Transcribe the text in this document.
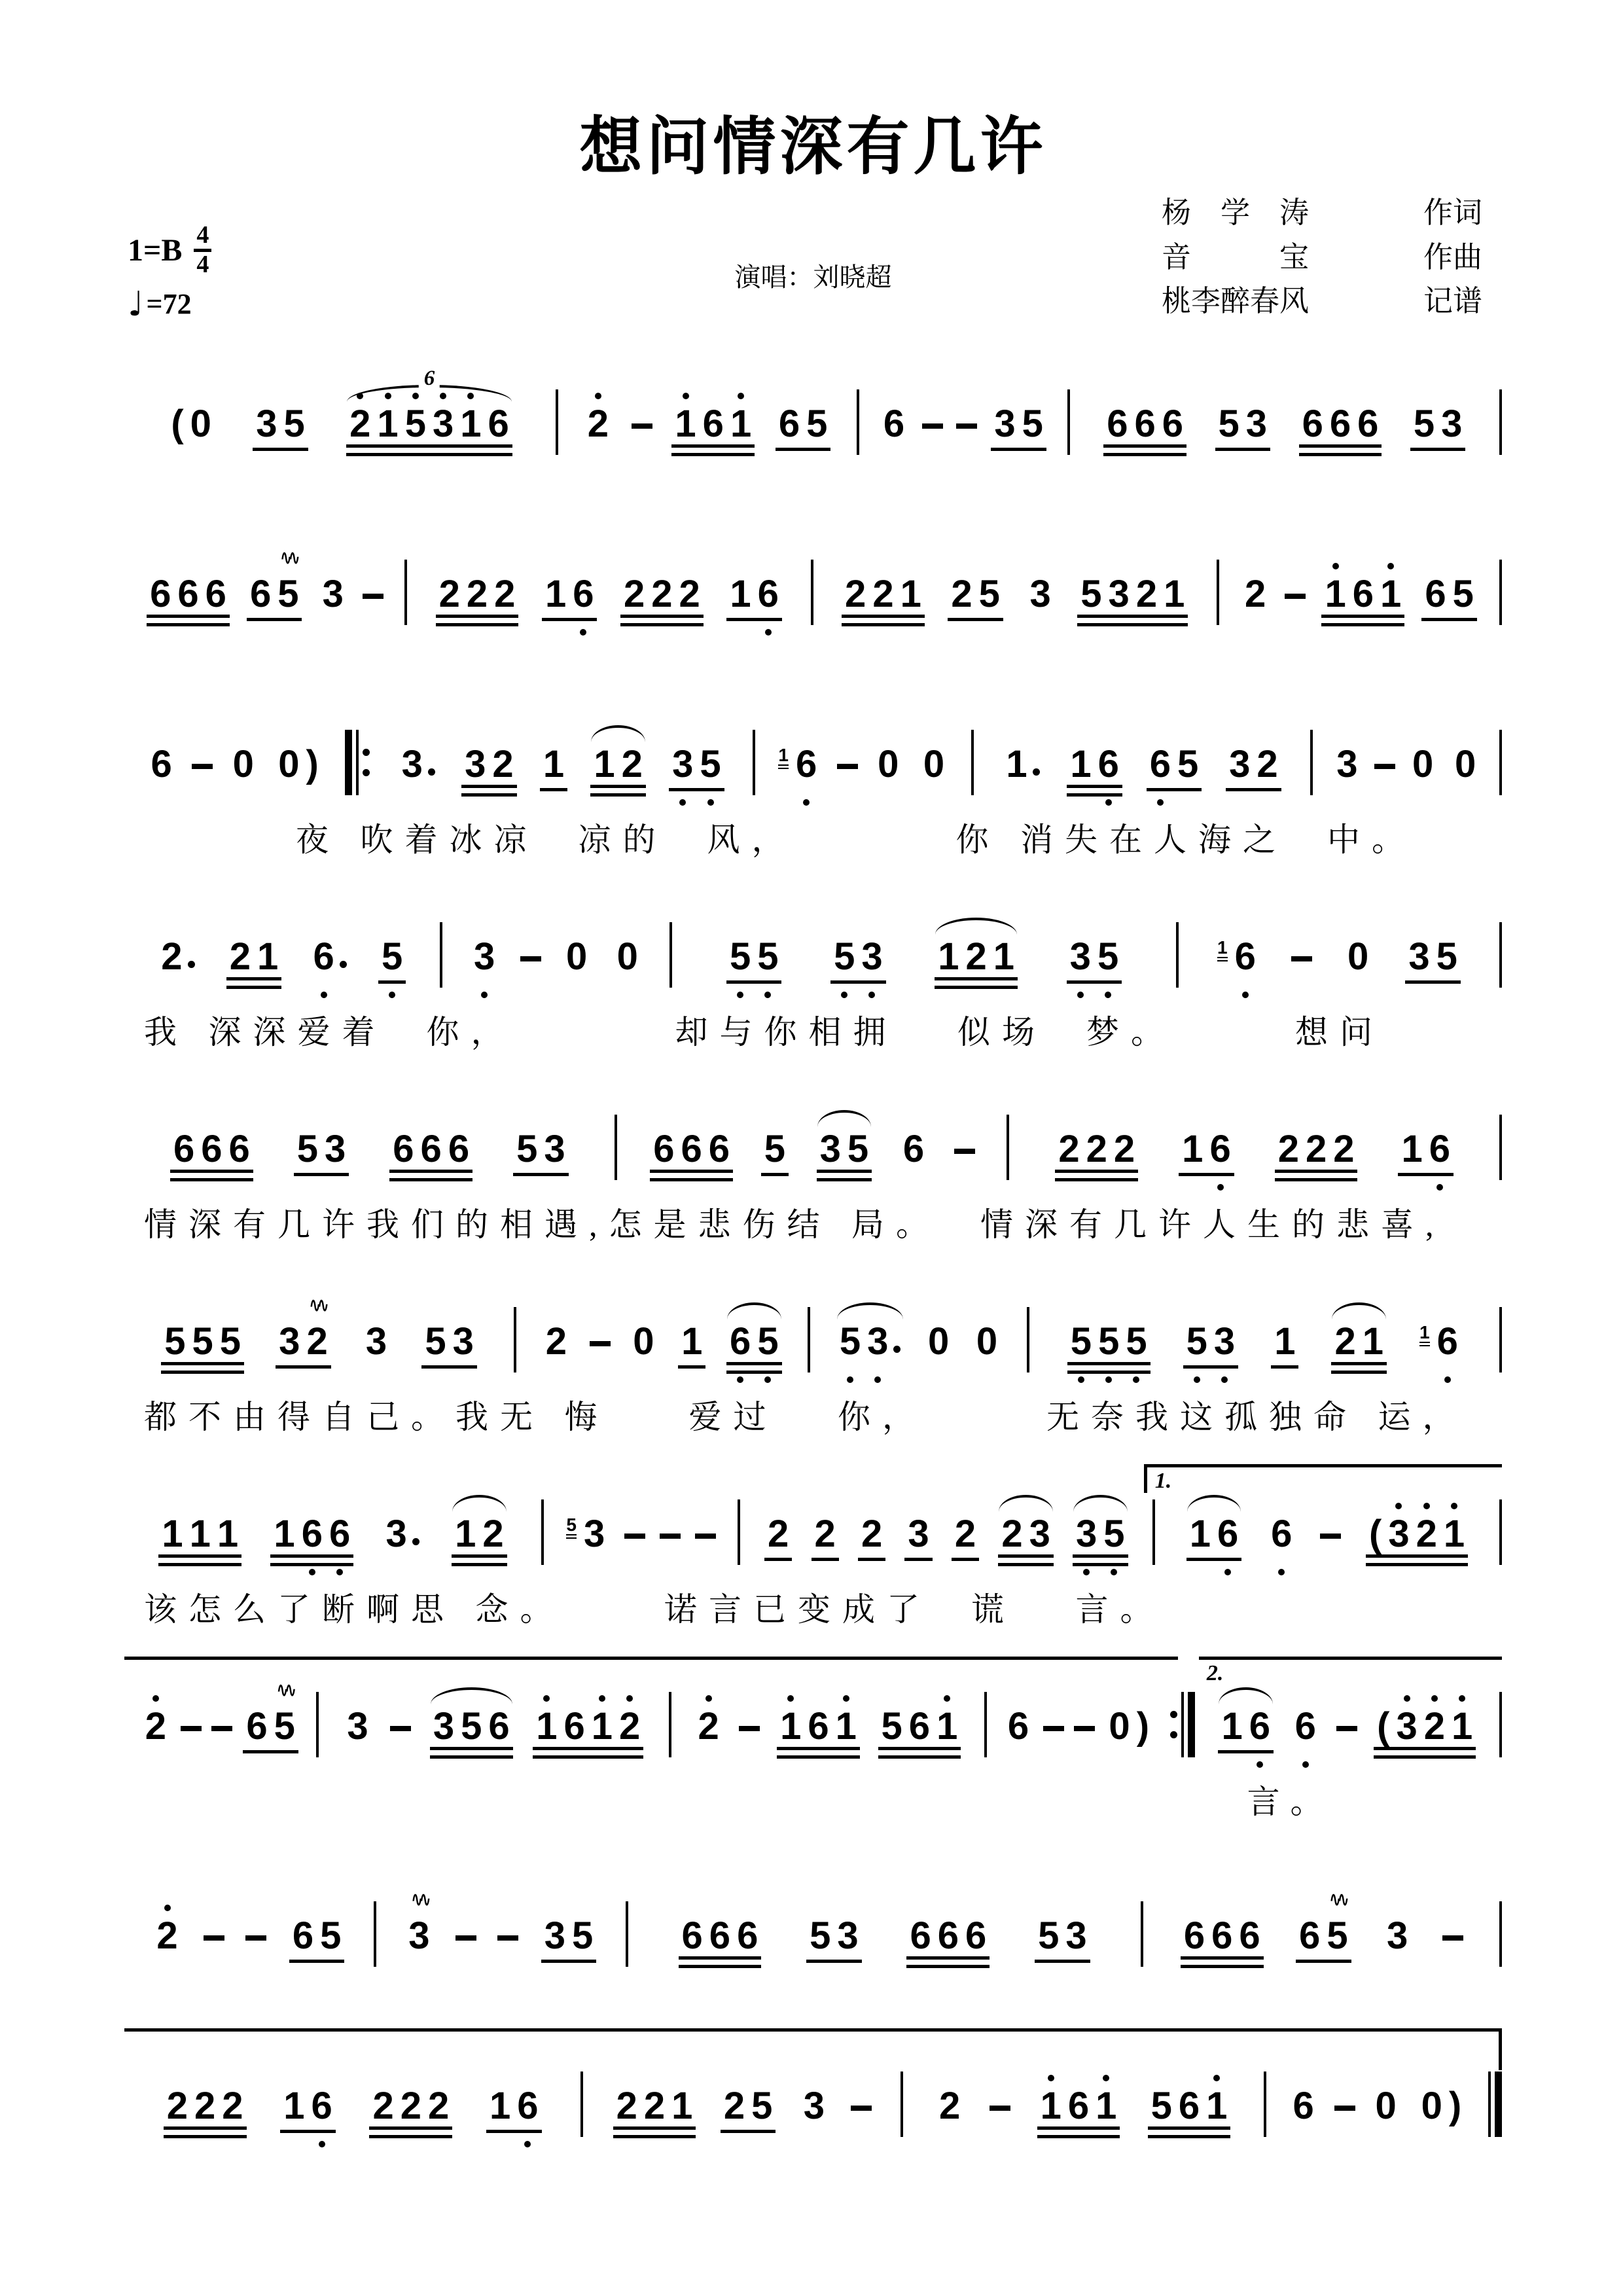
想问情深有几许
演唱：刘晓超
杨　学　涛	作词
音　　　宝	作曲
桃李醉春风	记谱
$1=B \frac{4}{4}$
♩ =72
( 0 3 5
6
2 1 5 3 1 6 2 1 6 1 6 5 6 3 5 6 6 6 5 3 6 6 6 5 3
6 6 6 6 5
∿∿
3	2 2 2 1 6 2 2 2 1 6 2 2 1 2 5 3 5 3 2 1 2 1 6 1 6 5
6 0 0 ) 3 3 2 1 1 2 3 5	1 6 0 0 1 1 6 6 5 3 2 3 0 0
夜 吹着冰凉  凉的  风，        你 消失在人海之  中。
2 2 1 6 5 3 0 0 5 5 5 3 1 2 1 3 5	1 6 0 3 5
我 深深爱着  你，        却与你相拥   似场  梦。      想问
6 6 6 5 3 6 6 6 5 3 6 6 6 5 3 5 6	2 2 2 1 6 2 2 2 1 6
情深有几许我们的相遇,怎是悲伤结 局。  情深有几许人生的悲喜,
5 5 5 3 2
∿∿
3 5 3 2 0 1 6 5 5 3 0 0 5 5 5 5 3 1 2 1 1 6
都不由得自己。我无 悔    爱过   你，      无奈我这孤独命 运，
1.
1 1 1 1 6 6 3 1 2	5 3	2 2 2 3 2 2 3 3 5 1 6 6 ( 3 2 1
该怎么了断啊思 念。     诺言已变成了  谎   言。
2.
2 6 5
∿∿
3 3 5 6 1 6 1 2 2 1 6 1 5 6 1 6 0 ) 1 6 6 ( 3 2 1
言。
2	6 5 3
∿∿
3 5 6 6 6 5 3 6 6 6 5 3	6 6 6 6 5
∿∿
3
2 2 2 1 6 2 2 2 1 6 2 2 1 2 5 3	2 1 6 1 5 6 1 6 0 0 )
